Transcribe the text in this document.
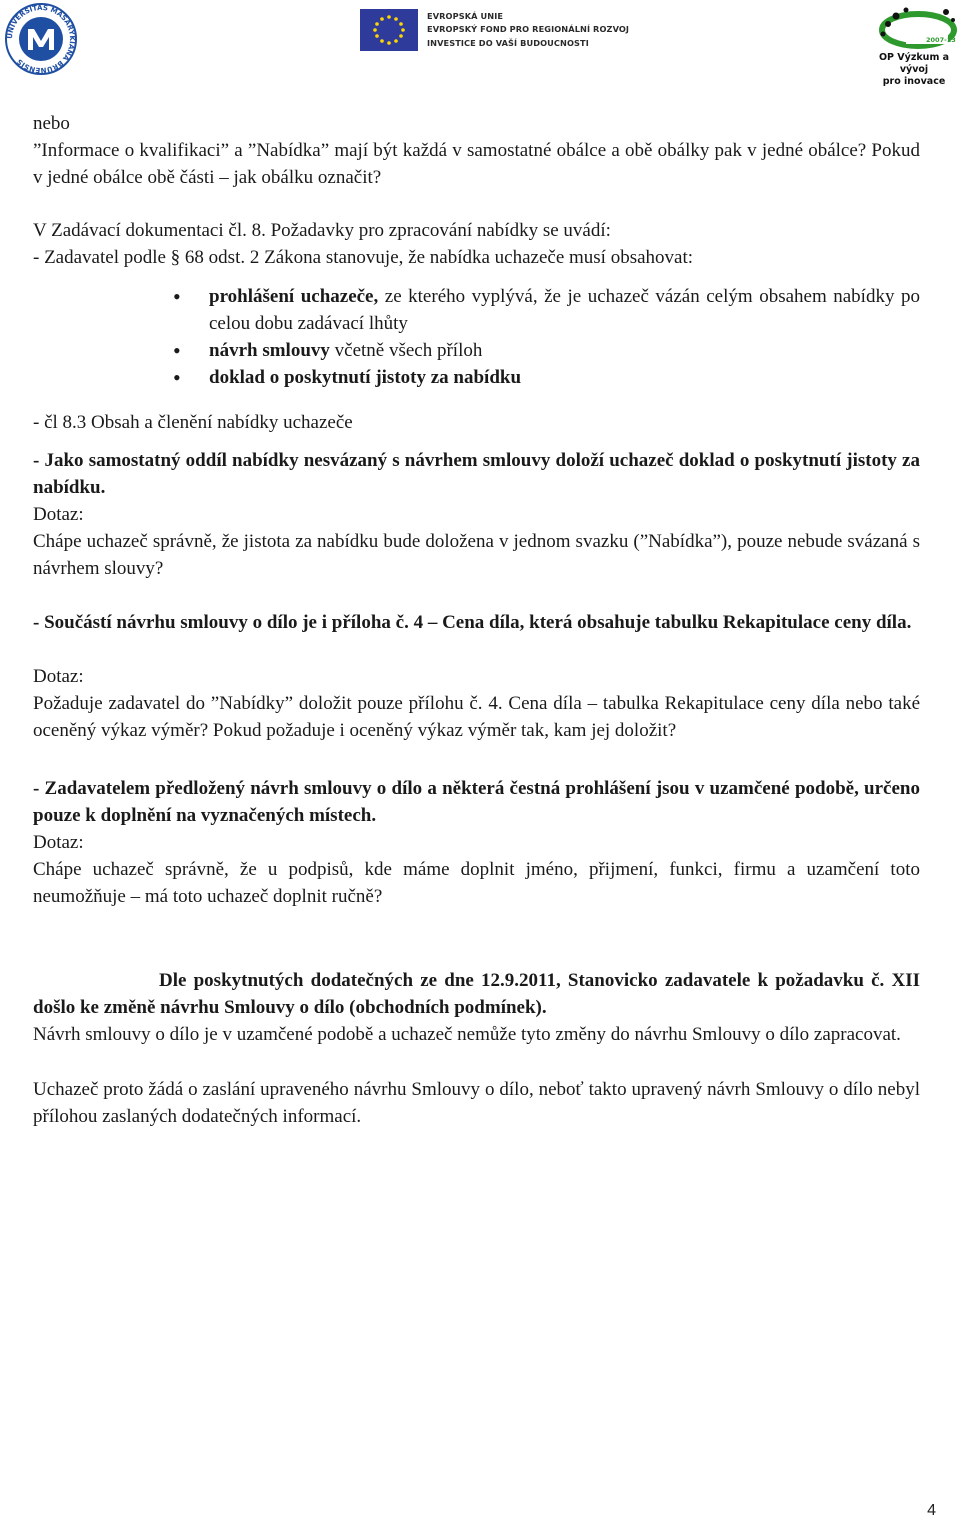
UNIVERSITAS MASARYKIANA BRUNENSIS
EVROPSKÁ UNIE
EVROPSKÝ FOND PRO REGIONÁLNÍ ROZVOJ
INVESTICE DO VAŠÍ BUDOUCNOSTI	2007-13
OP Výzkum a vývoj
pro inovace
nebo
”Informace o kvalifikaci” a ”Nabídka” mají být každá v samostatné obálce a obě obálky pak v jedné obálce? Pokud v jedné obálce obě části – jak obálku označit?
V Zadávací dokumentaci čl. 8. Požadavky pro zpracování nabídky se uvádí:
- Zadavatel podle § 68 odst. 2 Zákona stanovuje, že nabídka uchazeče musí obsahovat:
• prohlášení uchazeče, ze kterého vyplývá, že je uchazeč vázán celým obsahem nabídky po celou dobu zadávací lhůty
• návrh smlouvy včetně všech příloh
• doklad o poskytnutí jistoty za nabídku
- čl 8.3 Obsah a členění nabídky uchazeče
- Jako samostatný oddíl nabídky nesvázaný s návrhem smlouvy doloží uchazeč doklad o poskytnutí jistoty za nabídku.
Dotaz:
Chápe uchazeč správně, že jistota za nabídku bude doložena v jednom svazku (”Nabídka”), pouze nebude svázaná s návrhem slouvy?
- Součástí návrhu smlouvy o dílo je i příloha č. 4 – Cena díla, která obsahuje tabulku Rekapitulace ceny díla.
Dotaz:
Požaduje zadavatel do ”Nabídky” doložit pouze přílohu č. 4. Cena díla – tabulka Rekapitulace ceny díla nebo také oceněný výkaz výměr? Pokud požaduje i oceněný výkaz výměr tak, kam jej doložit?
- Zadavatelem předložený návrh smlouvy o dílo a některá čestná prohlášení jsou v uzamčené podobě, určeno pouze k doplnění na vyznačených místech.
Dotaz:
Chápe uchazeč správně, že u podpisů, kde máme doplnit jméno, přijmení, funkci, firmu a uzamčení toto neumožňuje – má toto uchazeč doplnit ručně?
Dle poskytnutých dodatečných ze dne 12.9.2011, Stanovicko zadavatele k požadavku č. XII došlo ke změně návrhu Smlouvy o dílo (obchodních podmínek).
Návrh smlouvy o dílo je v uzamčené podobě a uchazeč nemůže tyto změny do návrhu Smlouvy o dílo zapracovat.
Uchazeč proto žádá o zaslání upraveného návrhu Smlouvy o dílo, neboť takto upravený návrh Smlouvy o dílo nebyl přílohou zaslaných dodatečných informací.
4
